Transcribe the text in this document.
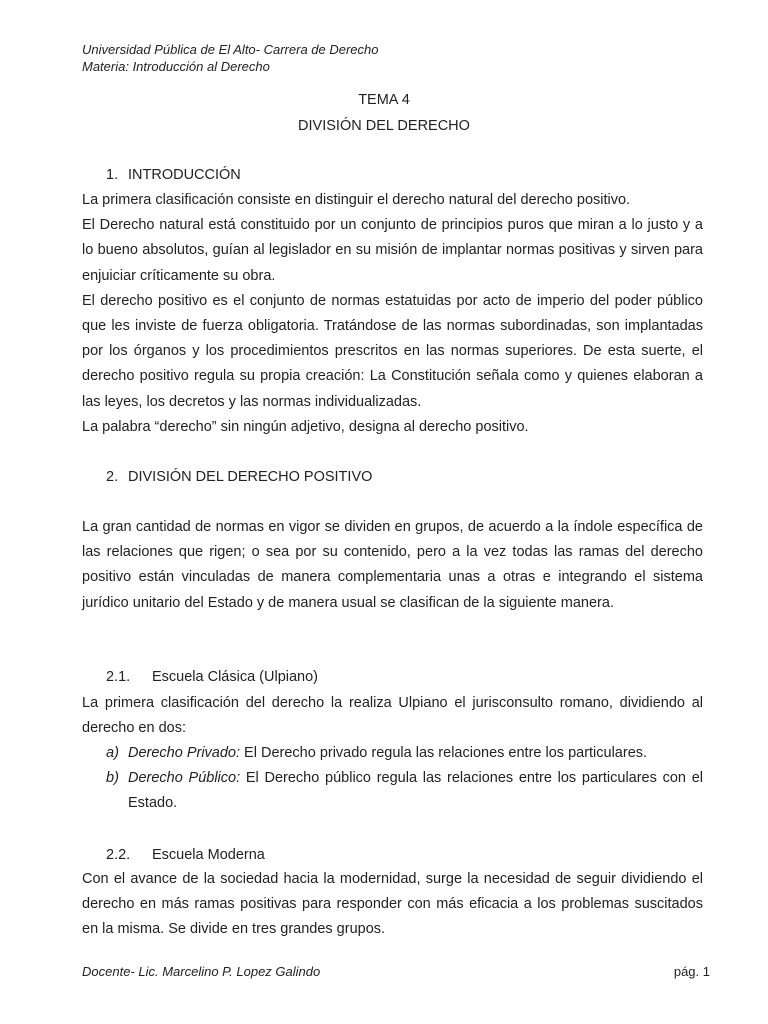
Universidad Pública de El Alto- Carrera de Derecho
Materia: Introducción al Derecho
TEMA 4
DIVISIÓN DEL DERECHO
1. INTRODUCCIÓN

La primera clasificación consiste en distinguir el derecho natural del derecho positivo.

El Derecho natural está constituido por un conjunto de principios puros que miran a lo justo y a lo bueno absolutos, guían al legislador en su misión de implantar normas positivas y sirven para enjuiciar críticamente su obra.

El derecho positivo es el conjunto de normas estatuidas por acto de imperio del poder público que les inviste de fuerza obligatoria. Tratándose de las normas subordinadas, son implantadas por los órganos y los procedimientos prescritos en las normas superiores. De esta suerte, el derecho positivo regula su propia creación: La Constitución señala como y quienes elaboran a las leyes, los decretos y las normas individualizadas.

La palabra “derecho” sin ningún adjetivo, designa al derecho positivo.

2. DIVISIÓN DEL DERECHO POSITIVO

La gran cantidad de normas en vigor se dividen en grupos, de acuerdo a la índole específica de las relaciones que rigen; o sea por su contenido, pero a la vez todas las ramas del derecho positivo están vinculadas de manera complementaria unas a otras e integrando el sistema jurídico unitario del Estado y de manera usual se clasifican de la siguiente manera.

2.1. Escuela Clásica (Ulpiano)

La primera clasificación del derecho la realiza Ulpiano el jurisconsulto romano, dividiendo al derecho en dos:

a) Derecho Privado: El Derecho privado regula las relaciones entre los particulares.
b) Derecho Público: El Derecho público regula las relaciones entre los particulares con el Estado.
2.2. Escuela Moderna

Con el avance de la sociedad hacia la modernidad, surge la necesidad de seguir dividiendo el derecho en más ramas positivas para responder con más eficacia a los problemas suscitados en la misma. Se divide en tres grandes grupos.

Docente- Lic. Marcelino P. Lopez Galindo	pág. 1
